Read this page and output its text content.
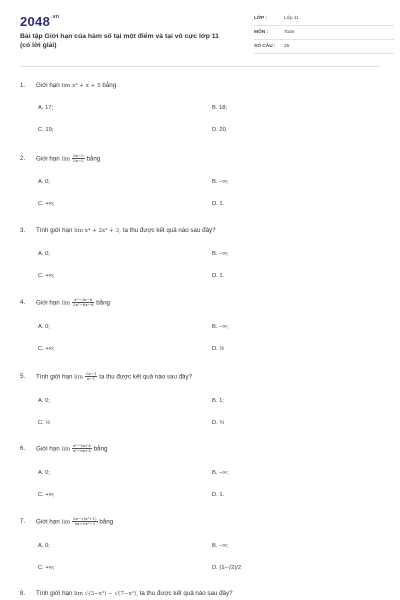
$2048^{.vn}$
Bài tập Giới hạn của hàm số tại một điểm và tại vô cực lớp 11 (có lời giải)
LỚP :	Lớp 11
MÔN :	Toán
SỐ CÂU : 25
1. Giới hạn lim x² + x + 5 bằng
A. 17;	B. 18;
C. 19;	D. 20.
2. Giới hạn $\lim \frac{3x-2}{2x-2}$ bằng
A. 0;	B. −∞;
C. +∞;	D. 1.
3. Tính giới hạn lim x⁴ + 2x² + 3, ta thu được kết quả nào sau đây?
A. 0;	B. −∞;
C. +∞;	D. 1.
4. Giới hạn $\lim \frac{\text{x²−3x−6}}{\text{2x²−6x−8}}$ bằng
A. 0;	B. −∞;
C. +∞;	D. ½
5. Tính giới hạn $\lim \frac{√x-1}{x-1}$ ta thu được kết quả nào sau đây?
A. 0;	B. 1;
C. ½	D. ¼
6. Giới hạn $\lim \frac{\text{x²−5x+6}}{\text{x²−6x+8}}$ bằng
A. 0;	B. −∞;
C. +∞;	D. 1.
7. Giới hạn $\lim \frac{\text{3x−√(x²+1)}}{\text{5x+√x²−3}}$ bằng
A. 0;	B. −∞;
C. +∞;	D. (1−√2)/2
8. Tính giới hạn lim √(3−x²) − √(7−x²), ta thu được kết quả nào sau đây?
